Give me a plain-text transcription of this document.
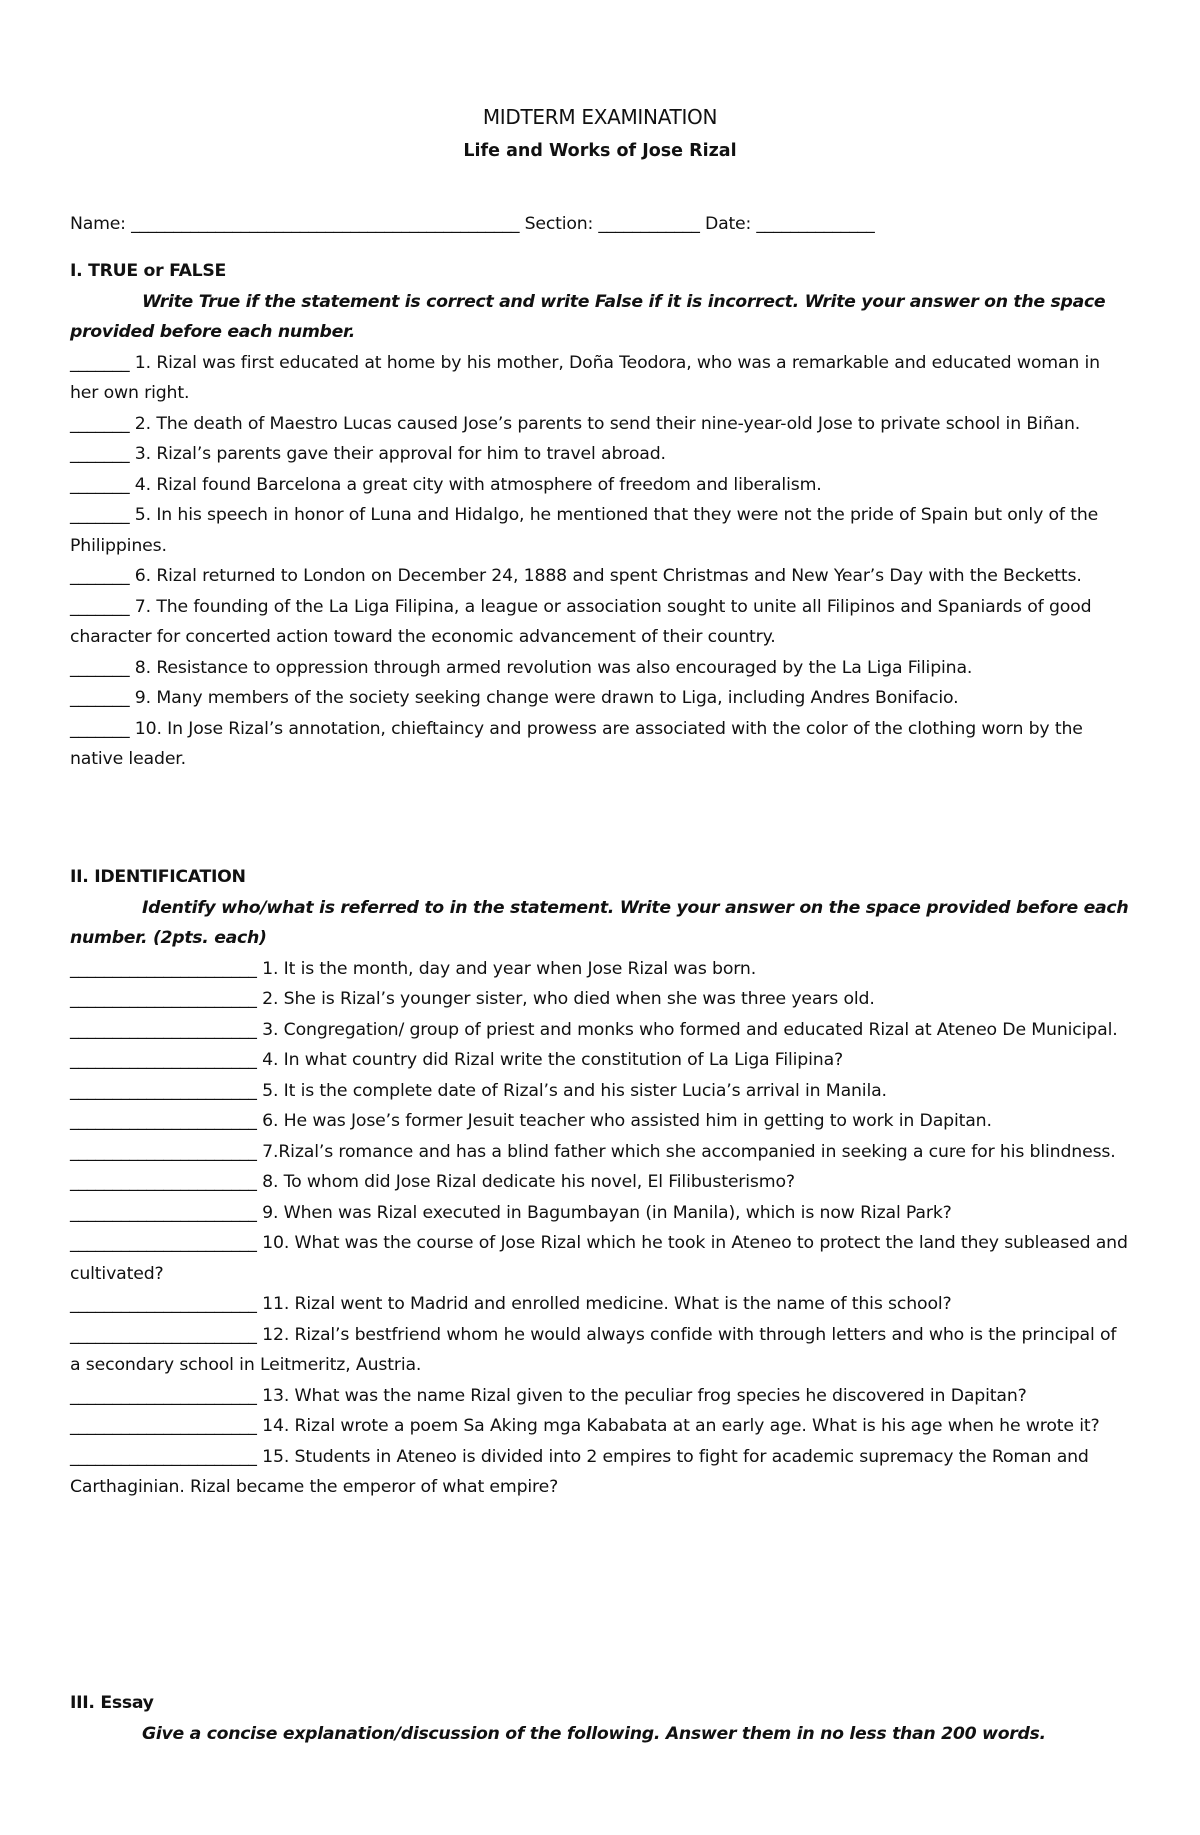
MIDTERM EXAMINATION
Life and Works of Jose Rizal
Name: ______________________________________________ Section: ____________ Date: ______________
I. TRUE or FALSE
Write True if the statement is correct and write False if it is incorrect. Write your answer on the space provided before each number.
_______ 1. Rizal was first educated at home by his mother, Doña Teodora, who was a remarkable and educated woman in her own right.
_______ 2. The death of Maestro Lucas caused Jose’s parents to send their nine-year-old Jose to private school in Biñan.
_______ 3. Rizal’s parents gave their approval for him to travel abroad.
_______ 4. Rizal found Barcelona a great city with atmosphere of freedom and liberalism.
_______ 5. In his speech in honor of Luna and Hidalgo, he mentioned that they were not the pride of Spain but only of the Philippines.
_______ 6. Rizal returned to London on December 24, 1888 and spent Christmas and New Year’s Day with the Becketts.
_______ 7. The founding of the La Liga Filipina, a league or association sought to unite all Filipinos and Spaniards of good character for concerted action toward the economic advancement of their country.
_______ 8. Resistance to oppression through armed revolution was also encouraged by the La Liga Filipina.
_______ 9. Many members of the society seeking change were drawn to Liga, including Andres Bonifacio.
_______ 10. In Jose Rizal’s annotation, chieftaincy and prowess are associated with the color of the clothing worn by the native leader.
II. IDENTIFICATION
Identify who/what is referred to in the statement. Write your answer on the space provided before each number. (2pts. each)
______________________ 1. It is the month, day and year when Jose Rizal was born.
______________________ 2. She is Rizal’s younger sister, who died when she was three years old.
______________________ 3. Congregation/ group of priest and monks who formed and educated Rizal at Ateneo De Municipal.
______________________ 4. In what country did Rizal write the constitution of La Liga Filipina?
______________________ 5. It is the complete date of Rizal’s and his sister Lucia’s arrival in Manila.
______________________ 6. He was Jose’s former Jesuit teacher who assisted him in getting to work in Dapitan.
______________________ 7.Rizal’s romance and has a blind father which she accompanied in seeking a cure for his blindness.
______________________ 8. To whom did Jose Rizal dedicate his novel, El Filibusterismo?
______________________ 9. When was Rizal executed in Bagumbayan (in Manila), which is now Rizal Park?
______________________ 10. What was the course of Jose Rizal which he took in Ateneo to protect the land they subleased and cultivated?
______________________ 11. Rizal went to Madrid and enrolled medicine. What is the name of this school?
______________________ 12. Rizal’s bestfriend whom he would always confide with through letters and who is the principal of a secondary school in Leitmeritz, Austria.
______________________ 13. What was the name Rizal given to the peculiar frog species he discovered in Dapitan?
______________________ 14. Rizal wrote a poem Sa Aking mga Kababata at an early age. What is his age when he wrote it?
______________________ 15. Students in Ateneo is divided into 2 empires to fight for academic supremacy the Roman and Carthaginian. Rizal became the emperor of what empire?
III. Essay
Give a concise explanation/discussion of the following. Answer them in no less than 200 words.
